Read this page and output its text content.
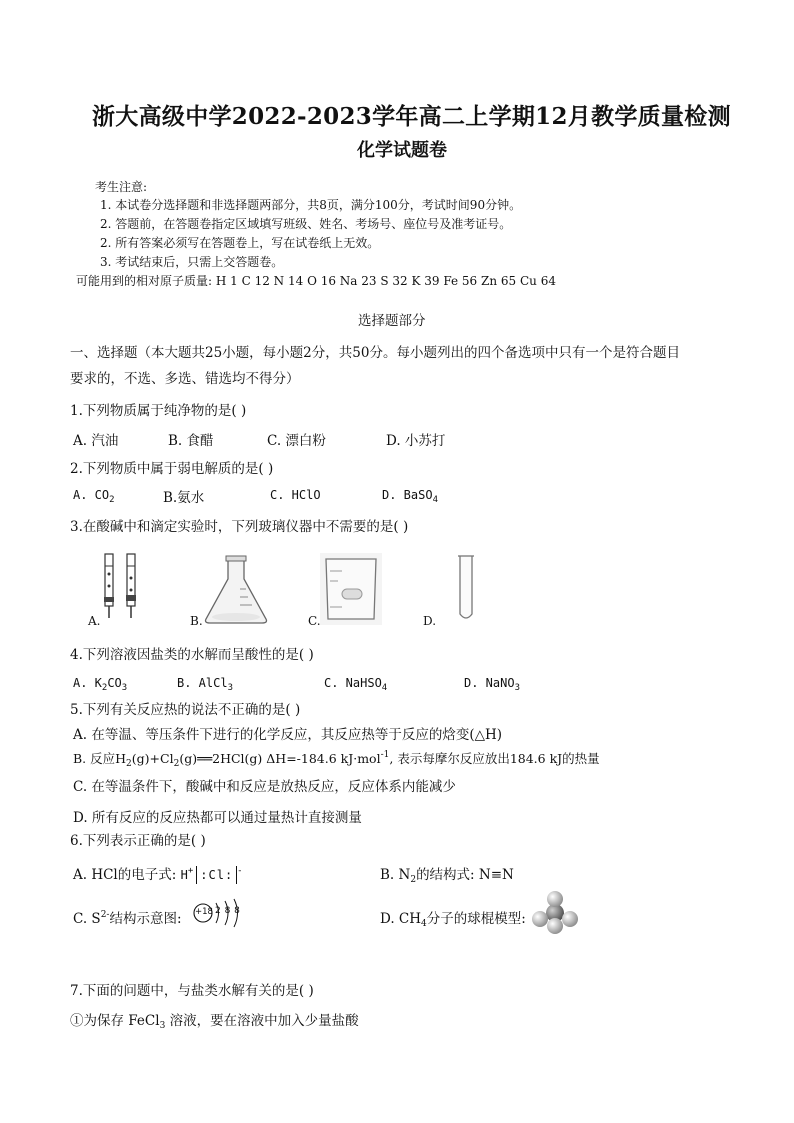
浙大高级中学2022-2023学年高二上学期12月教学质量检测
化学试题卷
考生注意:
1. 本试卷分选择题和非选择题两部分，共8页，满分100分，考试时间90分钟。
2. 答题前，在答题卷指定区域填写班级、姓名、考场号、座位号及准考证号。
2. 所有答案必须写在答题卷上，写在试卷纸上无效。
3. 考试结束后，只需上交答题卷。
可能用到的相对原子质量: H 1 C 12 N 14 O 16 Na 23 S 32 K 39 Fe 56 Zn 65 Cu 64
选择题部分
一、选择题（本大题共25小题，每小题2分，共50分。每小题列出的四个备选项中只有一个是符合题目
要求的，不选、多选、错选均不得分）
1.下列物质属于纯净物的是( )
A. 汽油	B. 食醋	C. 漂白粉	D. 小苏打
2.下列物质中属于弱电解质的是( )
A. $CO_2$	B.氨水	C. HClO	D. BaSO$_4$
3.在酸碱中和滴定实验时，下列玻璃仪器中不需要的是( )
A.	B.	C.	D.
4.下列溶液因盐类的水解而呈酸性的是( )
A. $K_2CO_3$	B. AlCl$_3$	C. NaHSO$_4$	D. NaNO$_3$
5.下列有关反应热的说法不正确的是( )
A. 在等温、等压条件下进行的化学反应，其反应热等于反应的焓变(△H)
B. 反应$H_2(g)+Cl_2(g)══2HCl(g)$ ΔH=-184.6 kJ·mol$^{-1}$, 表示每摩尔反应放出184.6 kJ的热量
C. 在等温条件下，酸碱中和反应是放热反应，反应体系内能减少
D. 所有反应的反应热都可以通过量热计直接测量
6.下列表示正确的是( )
A. HCl的电子式: H+ :Cl: -	B. $N_2$的结构式: N≡N
C. $S^{2-}$结构示意图: +18 2 8 8	D. $CH_4$分子的球棍模型:
7.下面的问题中，与盐类水解有关的是( )
①为保存 FeCl$_3$ 溶液，要在溶液中加入少量盐酸
